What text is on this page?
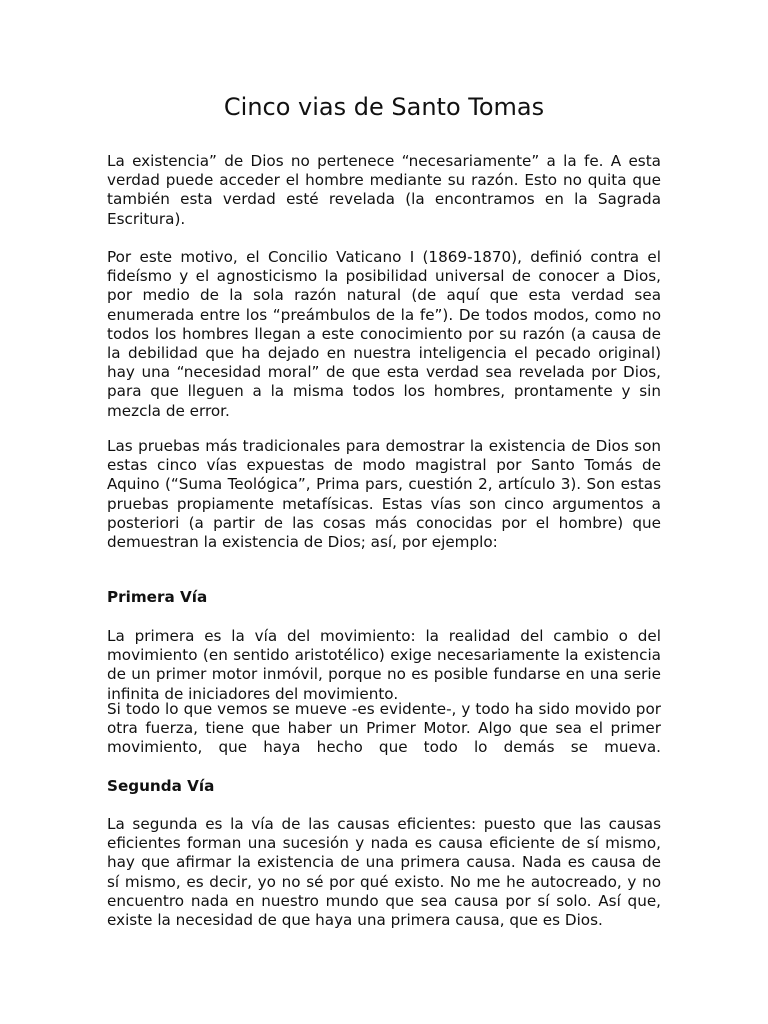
Cinco vias de Santo Tomas

La existencia” de Dios no pertenece “necesariamente” a la fe. A esta verdad puede acceder el hombre mediante su razón. Esto no quita que también esta verdad esté revelada (la encontramos en la Sagrada Escritura).

Por este motivo, el Concilio Vaticano I (1869-1870), definió contra el fideísmo y el agnosticismo la posibilidad universal de conocer a Dios, por medio de la sola razón natural (de aquí que esta verdad sea enumerada entre los “preámbulos de la fe”). De todos modos, como no todos los hombres llegan a este conocimiento por su razón (a causa de la debilidad que ha dejado en nuestra inteligencia el pecado original) hay una “necesidad moral” de que esta verdad sea revelada por Dios, para que lleguen a la misma todos los hombres, prontamente y sin mezcla de error.

Las pruebas más tradicionales para demostrar la existencia de Dios son estas cinco vías expuestas de modo magistral por Santo Tomás de Aquino (“Suma Teológica”, Prima pars, cuestión 2, artículo 3). Son estas pruebas propiamente metafísicas. Estas vías son cinco argumentos a posteriori (a partir de las cosas más conocidas por el hombre) que demuestran la existencia de Dios; así, por ejemplo:

Primera Vía

La primera es la vía del movimiento: la realidad del cambio o del movimiento (en sentido aristotélico) exige necesariamente la existencia de un primer motor inmóvil, porque no es posible fundarse en una serie infinita de iniciadores del movimiento.

Si todo lo que vemos se mueve -es evidente-, y todo ha sido movido por otra fuerza, tiene que haber un Primer Motor. Algo que sea el primer movimiento, que haya hecho que todo lo demás se mueva.

Segunda Vía

La segunda es la vía de las causas eficientes: puesto que las causas eficientes forman una sucesión y nada es causa eficiente de sí mismo, hay que afirmar la existencia de una primera causa. Nada es causa de sí mismo, es decir, yo no sé por qué existo. No me he autocreado, y no encuentro nada en nuestro mundo que sea causa por sí solo. Así que, existe la necesidad de que haya una primera causa, que es Dios.
